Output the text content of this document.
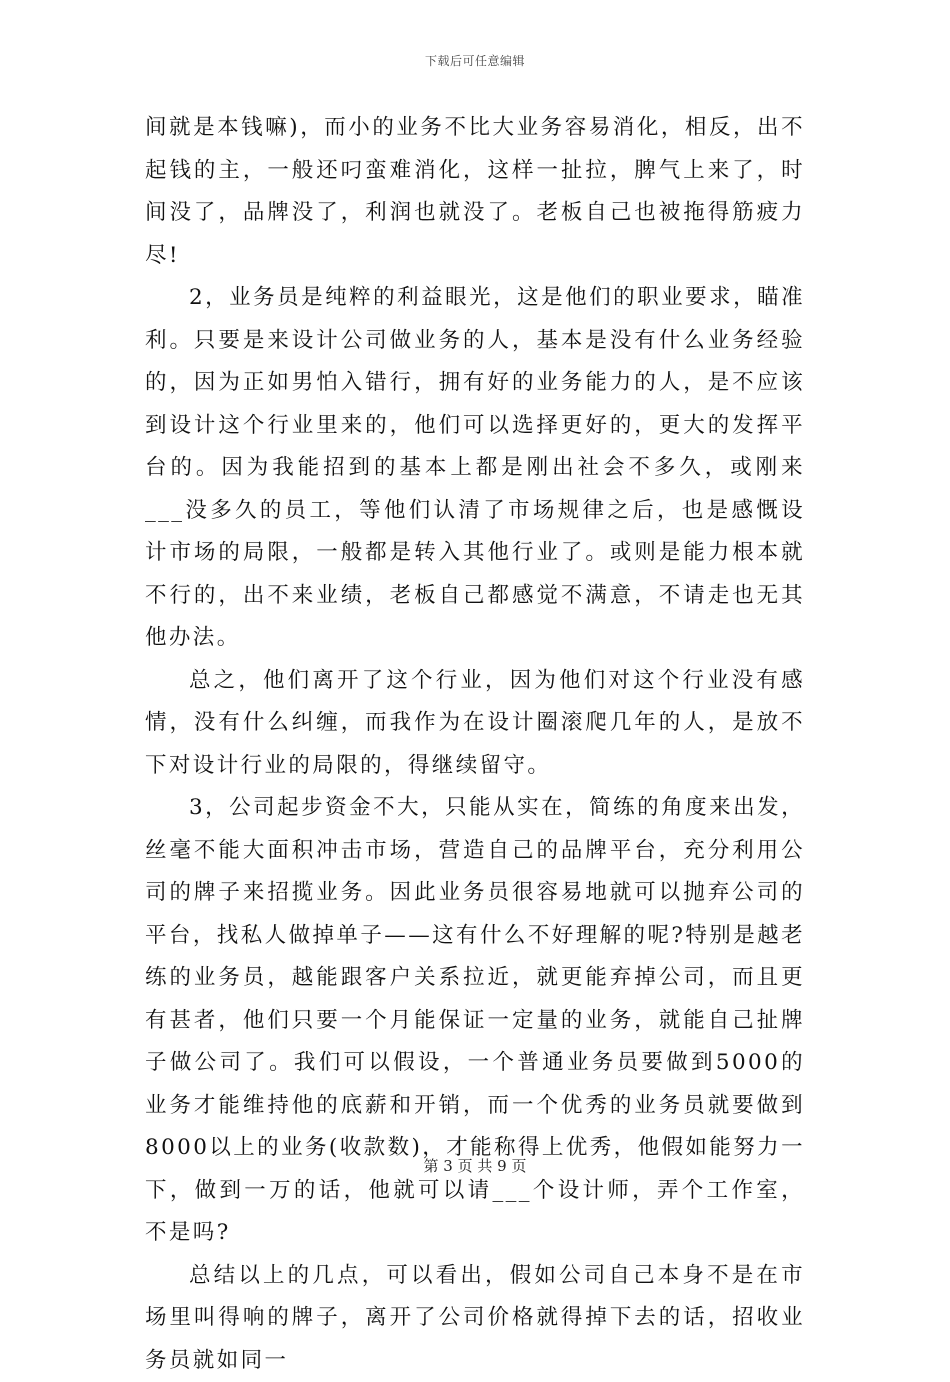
下载后可任意编辑

间就是本钱嘛)，而小的业务不比大业务容易消化，相反，出不起钱的主，一般还叼蛮难消化，这样一扯拉，脾气上来了，时间没了，品牌没了，利润也就没了。老板自己也被拖得筋疲力尽!

2，业务员是纯粹的利益眼光，这是他们的职业要求，瞄准利。只要是来设计公司做业务的人，基本是没有什么业务经验的，因为正如男怕入错行，拥有好的业务能力的人，是不应该到设计这个行业里来的，他们可以选择更好的，更大的发挥平台的。因为我能招到的基本上都是刚出社会不多久，或刚来___没多久的员工，等他们认清了市场规律之后，也是感慨设计市场的局限，一般都是转入其他行业了。或则是能力根本就不行的，出不来业绩，老板自己都感觉不满意，不请走也无其他办法。

总之，他们离开了这个行业，因为他们对这个行业没有感情，没有什么纠缠，而我作为在设计圈滚爬几年的人，是放不下对设计行业的局限的，得继续留守。

3，公司起步资金不大，只能从实在，简练的角度来出发，丝毫不能大面积冲击市场，营造自己的品牌平台，充分利用公司的牌子来招揽业务。因此业务员很容易地就可以抛弃公司的平台，找私人做掉单子——这有什么不好理解的呢?特别是越老练的业务员，越能跟客户关系拉近，就更能弃掉公司，而且更有甚者，他们只要一个月能保证一定量的业务，就能自己扯牌子做公司了。我们可以假设，一个普通业务员要做到5000的业务才能维持他的底薪和开销，而一个优秀的业务员就要做到8000以上的业务(收款数)，才能称得上优秀，他假如能努力一下，做到一万的话，他就可以请___个设计师，弄个工作室，不是吗?

总结以上的几点，可以看出，假如公司自己本身不是在市场里叫得响的牌子，离开了公司价格就得掉下去的话，招收业务员就如同一

第 3 页 共 9 页
